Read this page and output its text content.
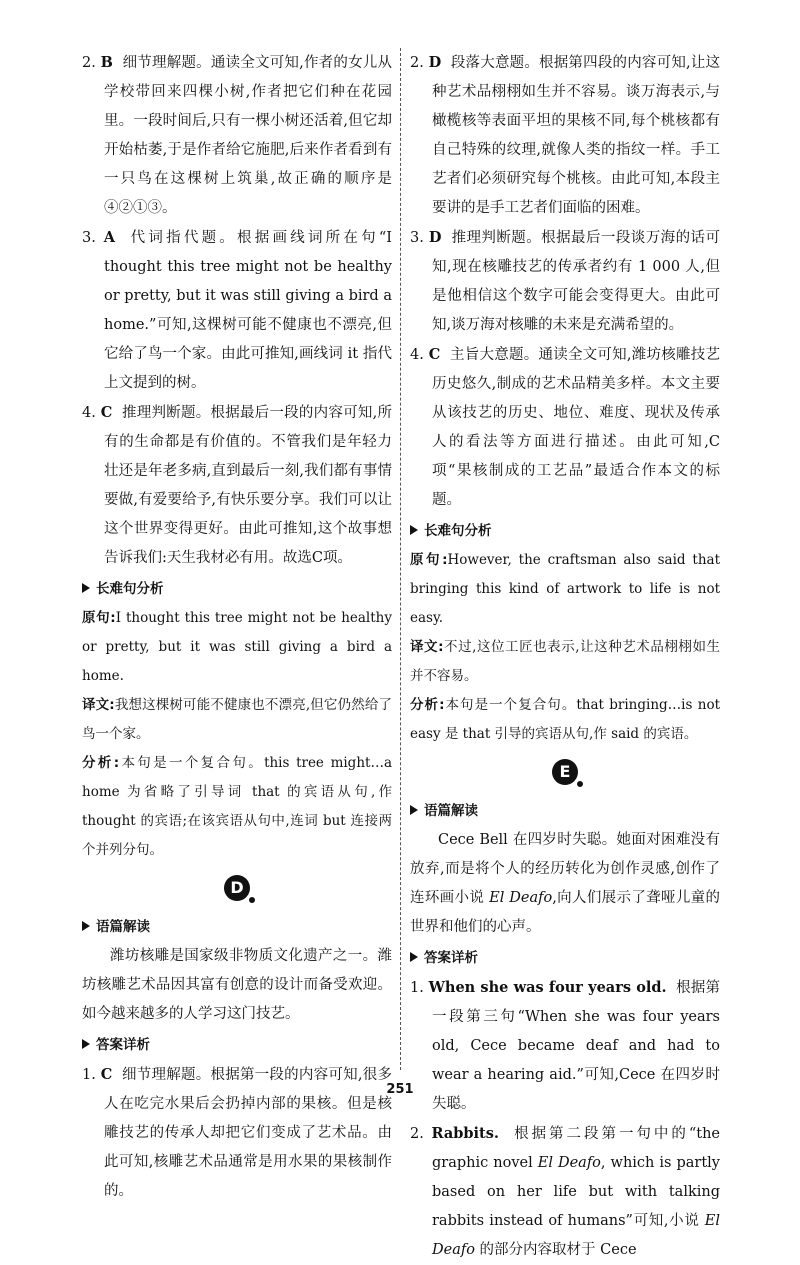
2. B 细节理解题。通读全文可知,作者的女儿从学校带回来四棵小树,作者把它们种在花园里。一段时间后,只有一棵小树还活着,但它却开始枯萎,于是作者给它施肥,后来作者看到有一只鸟在这棵树上筑巢,故正确的顺序是④②①③。

3. A 代词指代题。根据画线词所在句“I thought this tree might not be healthy or pretty, but it was still giving a bird a home.”可知,这棵树可能不健康也不漂亮,但它给了鸟一个家。由此可推知,画线词 it 指代上文提到的树。

4. C 推理判断题。根据最后一段的内容可知,所有的生命都是有价值的。不管我们是年轻力壮还是年老多病,直到最后一刻,我们都有事情要做,有爱要给予,有快乐要分享。我们可以让这个世界变得更好。由此可推知,这个故事想告诉我们:天生我材必有用。故选C项。

长难句分析

原句:I thought this tree might not be healthy or pretty, but it was still giving a bird a home.

译文:我想这棵树可能不健康也不漂亮,但它仍然给了鸟一个家。

分析:本句是一个复合句。this tree might…a home 为省略了引导词 that 的宾语从句,作 thought 的宾语;在该宾语从句中,连词 but 连接两个并列分句。

D

语篇解读

潍坊核雕是国家级非物质文化遗产之一。潍坊核雕艺术品因其富有创意的设计而备受欢迎。如今越来越多的人学习这门技艺。

答案详析

1. C 细节理解题。根据第一段的内容可知,很多人在吃完水果后会扔掉内部的果核。但是核雕技艺的传承人却把它们变成了艺术品。由此可知,核雕艺术品通常是用水果的果核制作的。

2. D 段落大意题。根据第四段的内容可知,让这种艺术品栩栩如生并不容易。谈万海表示,与橄榄核等表面平坦的果核不同,每个桃核都有自己特殊的纹理,就像人类的指纹一样。手工艺者们必须研究每个桃核。由此可知,本段主要讲的是手工艺者们面临的困难。

3. D 推理判断题。根据最后一段谈万海的话可知,现在核雕技艺的传承者约有 1 000 人,但是他相信这个数字可能会变得更大。由此可知,谈万海对核雕的未来是充满希望的。

4. C 主旨大意题。通读全文可知,潍坊核雕技艺历史悠久,制成的艺术品精美多样。本文主要从该技艺的历史、地位、难度、现状及传承人的看法等方面进行描述。由此可知,C 项“果核制成的工艺品”最适合作本文的标题。

长难句分析

原句:However, the craftsman also said that bringing this kind of artwork to life is not easy.

译文:不过,这位工匠也表示,让这种艺术品栩栩如生并不容易。

分析:本句是一个复合句。that bringing…is not easy 是 that 引导的宾语从句,作 said 的宾语。

E

语篇解读

Cece Bell 在四岁时失聪。她面对困难没有放弃,而是将个人的经历转化为创作灵感,创作了连环画小说 El Deafo,向人们展示了聋哑儿童的世界和他们的心声。

答案详析

1. When she was four years old. 根据第一段第三句“When she was four years old, Cece became deaf and had to wear a hearing aid.”可知,Cece 在四岁时失聪。

2. Rabbits. 根据第二段第一句中的“the graphic novel El Deafo, which is partly based on her life but with talking rabbits instead of humans”可知,小说 El Deafo 的部分内容取材于 Cece

251
